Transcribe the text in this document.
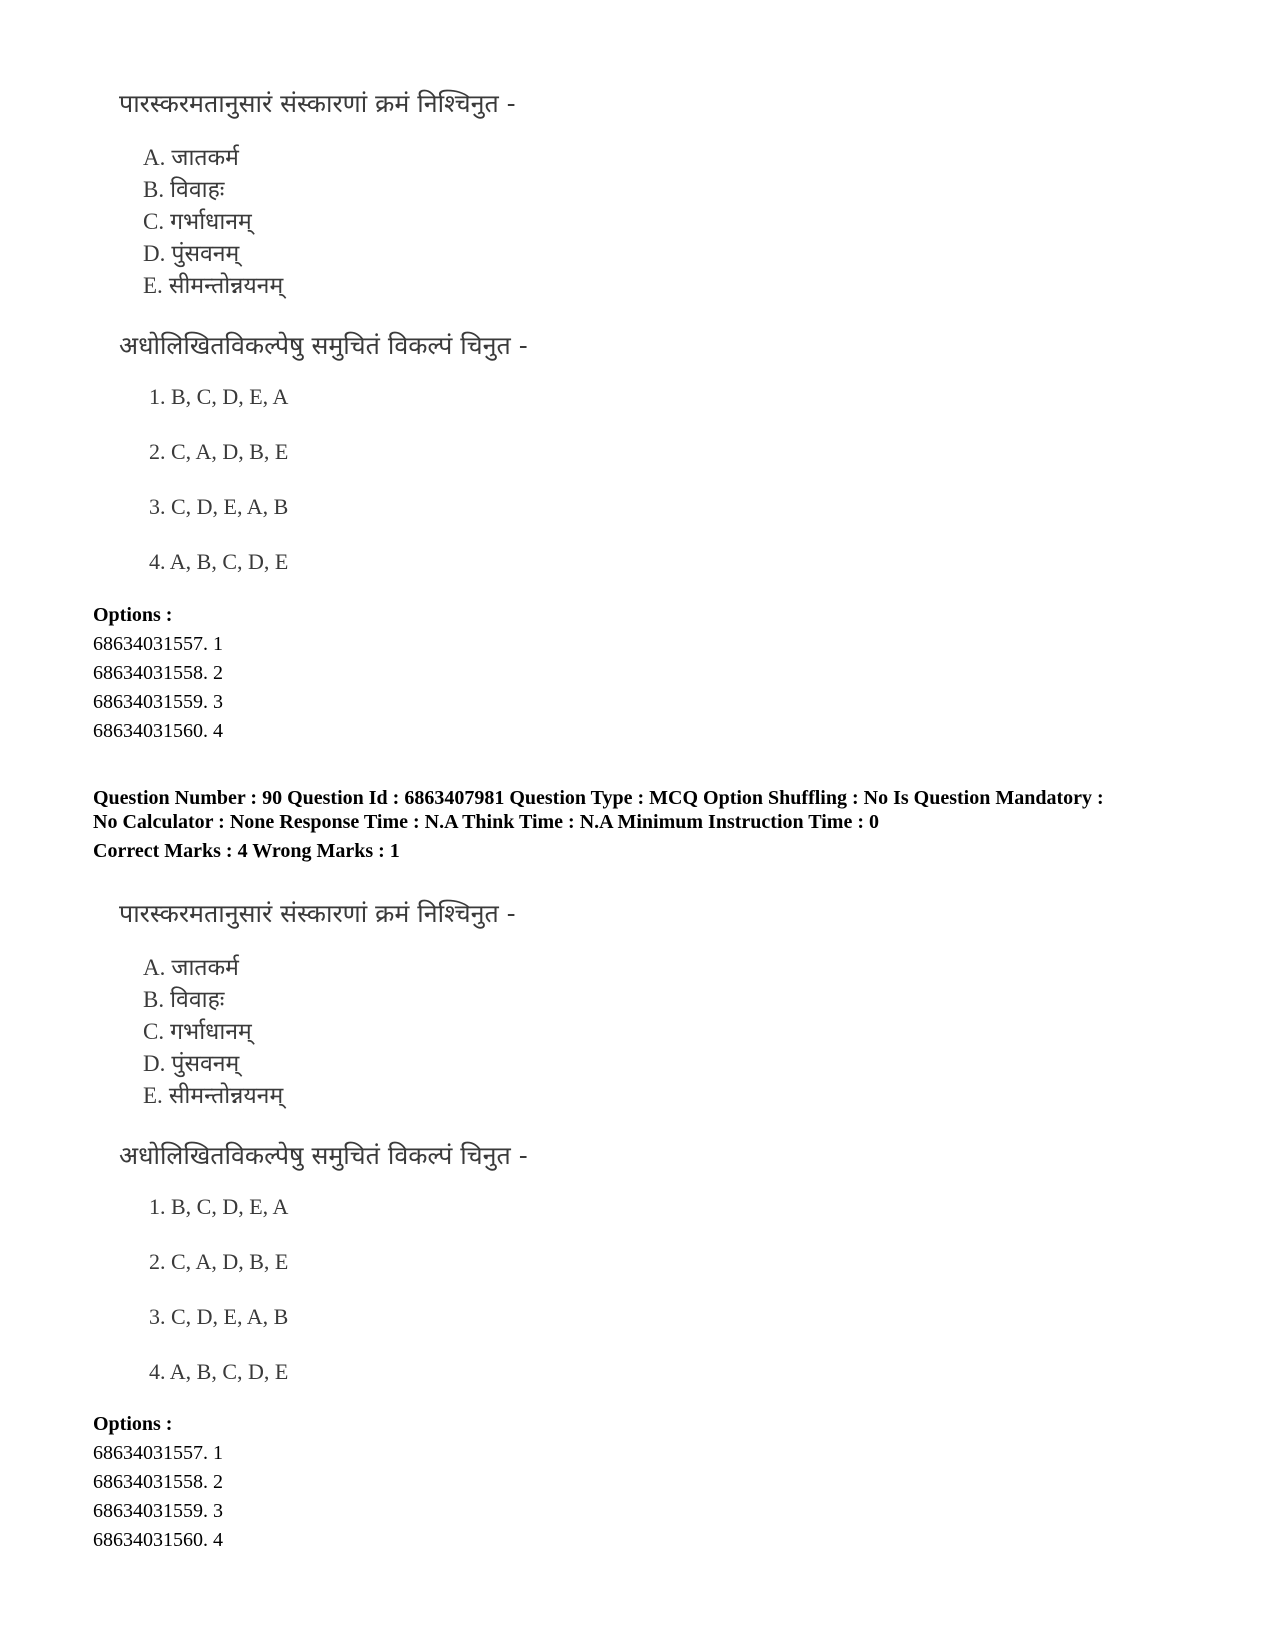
पारस्करमतानुसारं संस्कारणां क्रमं निश्चिनुत -
A. जातकर्म
B. विवाहः
C. गर्भाधानम्
D. पुंसवनम्
E. सीमन्तोन्नयनम्
अधोलिखितविकल्पेषु समुचितं विकल्पं चिनुत -
1. B, C, D, E, A
2. C, A, D, B, E
3. C, D, E, A, B
4. A, B, C, D, E
Options :
68634031557. 1
68634031558. 2
68634031559. 3
68634031560. 4
Question Number : 90 Question Id : 6863407981 Question Type : MCQ Option Shuffling : No Is Question Mandatory :
No Calculator : None Response Time : N.A Think Time : N.A Minimum Instruction Time : 0
Correct Marks : 4 Wrong Marks : 1
पारस्करमतानुसारं संस्कारणां क्रमं निश्चिनुत -
A. जातकर्म
B. विवाहः
C. गर्भाधानम्
D. पुंसवनम्
E. सीमन्तोन्नयनम्
अधोलिखितविकल्पेषु समुचितं विकल्पं चिनुत -
1. B, C, D, E, A
2. C, A, D, B, E
3. C, D, E, A, B
4. A, B, C, D, E
Options :
68634031557. 1
68634031558. 2
68634031559. 3
68634031560. 4
